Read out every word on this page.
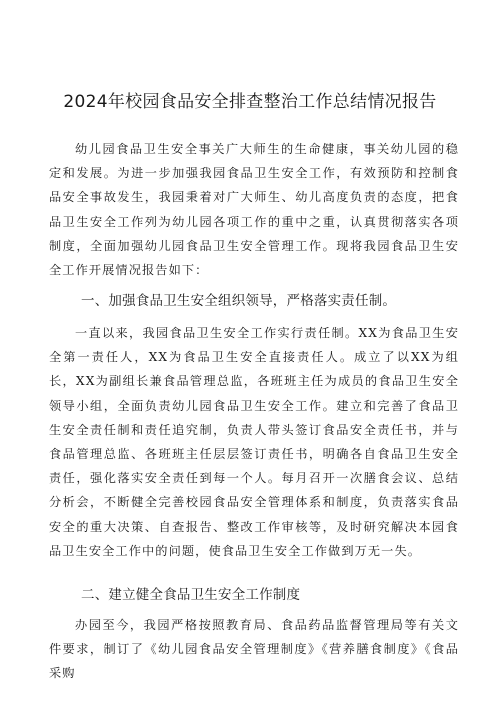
2024年校园食品安全排查整治工作总结情况报告

幼儿园食品卫生安全事关广大师生的生命健康，事关幼儿园的稳定和发展。为进一步加强我园食品卫生安全工作，有效预防和控制食品安全事故发生，我园秉着对广大师生、幼儿高度负责的态度，把食品卫生安全工作列为幼儿园各项工作的重中之重，认真贯彻落实各项制度，全面加强幼儿园食品卫生安全管理工作。现将我园食品卫生安全工作开展情况报告如下：

一、加强食品卫生安全组织领导，严格落实责任制。

一直以来，我园食品卫生安全工作实行责任制。XX为食品卫生安全第一责任人，XX为食品卫生安全直接责任人。成立了以XX为组长，XX为副组长兼食品管理总监，各班班主任为成员的食品卫生安全领导小组，全面负责幼儿园食品卫生安全工作。建立和完善了食品卫生安全责任制和责任追究制，负责人带头签订食品安全责任书，并与食品管理总监、各班班主任层层签订责任书，明确各自食品卫生安全责任，强化落实安全责任到每一个人。每月召开一次膳食会议、总结分析会，不断健全完善校园食品安全管理体系和制度，负责落实食品安全的重大决策、自查报告、整改工作审核等，及时研究解决本园食品卫生安全工作中的问题，使食品卫生安全工作做到万无一失。

二、建立健全食品卫生安全工作制度

办园至今，我园严格按照教育局、食品药品监督管理局等有关文件要求，制订了《幼儿园食品安全管理制度》《营养膳食制度》《食品采购
